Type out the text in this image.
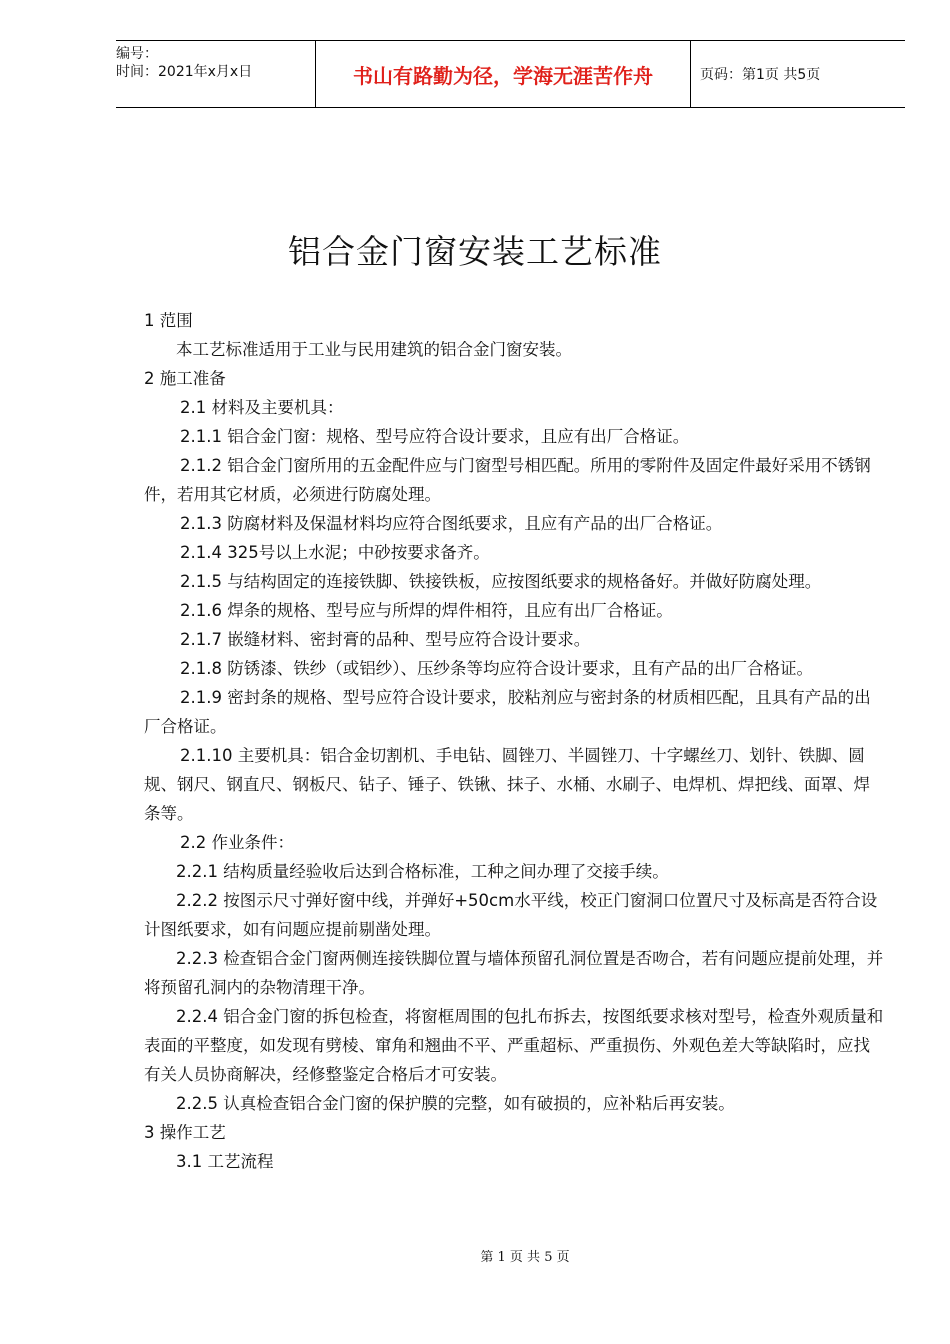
编号：
时间：2021年x月x日	书山有路勤为径，学海无涯苦作舟	页码：第1页 共5页
铝合金门窗安装工艺标准

1 范围

本工艺标准适用于工业与民用建筑的铝合金门窗安装。

2 施工准备

2.1 材料及主要机具：

2.1.1 铝合金门窗：规格、型号应符合设计要求，且应有出厂合格证。

2.1.2 铝合金门窗所用的五金配件应与门窗型号相匹配。所用的零附件及固定件最好采用不锈钢件，若用其它材质，必须进行防腐处理。

2.1.3 防腐材料及保温材料均应符合图纸要求，且应有产品的出厂合格证。

2.1.4 325号以上水泥；中砂按要求备齐。

2.1.5 与结构固定的连接铁脚、铁接铁板，应按图纸要求的规格备好。并做好防腐处理。

2.1.6 焊条的规格、型号应与所焊的焊件相符，且应有出厂合格证。

2.1.7 嵌缝材料、密封膏的品种、型号应符合设计要求。

2.1.8 防锈漆、铁纱（或铝纱）、压纱条等均应符合设计要求，且有产品的出厂合格证。

2.1.9 密封条的规格、型号应符合设计要求，胶粘剂应与密封条的材质相匹配，且具有产品的出厂合格证。

2.1.10 主要机具：铝合金切割机、手电钻、圆锉刀、半圆锉刀、十字螺丝刀、划针、铁脚、圆规、钢尺、钢直尺、钢板尺、钻子、锤子、铁锹、抹子、水桶、水刷子、电焊机、焊把线、面罩、焊条等。

2.2 作业条件：

2.2.1 结构质量经验收后达到合格标准，工种之间办理了交接手续。

2.2.2 按图示尺寸弹好窗中线，并弹好+50cm水平线，校正门窗洞口位置尺寸及标高是否符合设计图纸要求，如有问题应提前剔凿处理。

2.2.3 检查铝合金门窗两侧连接铁脚位置与墙体预留孔洞位置是否吻合，若有问题应提前处理，并将预留孔洞内的杂物清理干净。

2.2.4 铝合金门窗的拆包检查，将窗框周围的包扎布拆去，按图纸要求核对型号，检查外观质量和表面的平整度，如发现有劈棱、窜角和翘曲不平、严重超标、严重损伤、外观色差大等缺陷时，应找有关人员协商解决，经修整鉴定合格后才可安装。

2.2.5 认真检查铝合金门窗的保护膜的完整，如有破损的，应补粘后再安装。

3 操作工艺

3.1 工艺流程

第 1 页 共 5 页
